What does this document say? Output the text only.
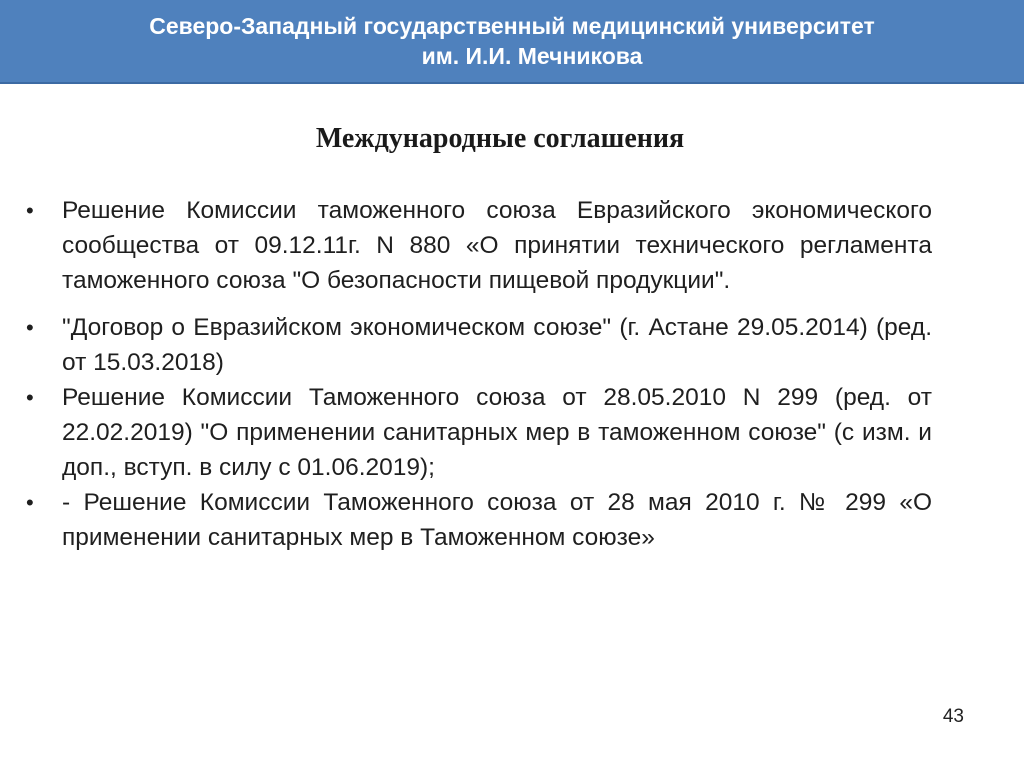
Северо-Западный государственный медицинский университет
им. И.И. Мечникова
Международные соглашения
• Решение Комиссии таможенного союза Евразийского экономического сообщества от 09.12.11г. N 880 «О принятии технического регламента таможенного союза "О безопасности пищевой продукции".
• "Договор о Евразийском экономическом союзе" (г. Астане 29.05.2014) (ред. от 15.03.2018)
• Решение Комиссии Таможенного союза от 28.05.2010 N 299 (ред. от 22.02.2019) "О применении санитарных мер в таможенном союзе" (с изм. и доп., вступ. в силу с 01.06.2019);
• - Решение Комиссии Таможенного союза от 28 мая 2010 г. № 299 «О применении санитарных мер в Таможенном союзе»
43
